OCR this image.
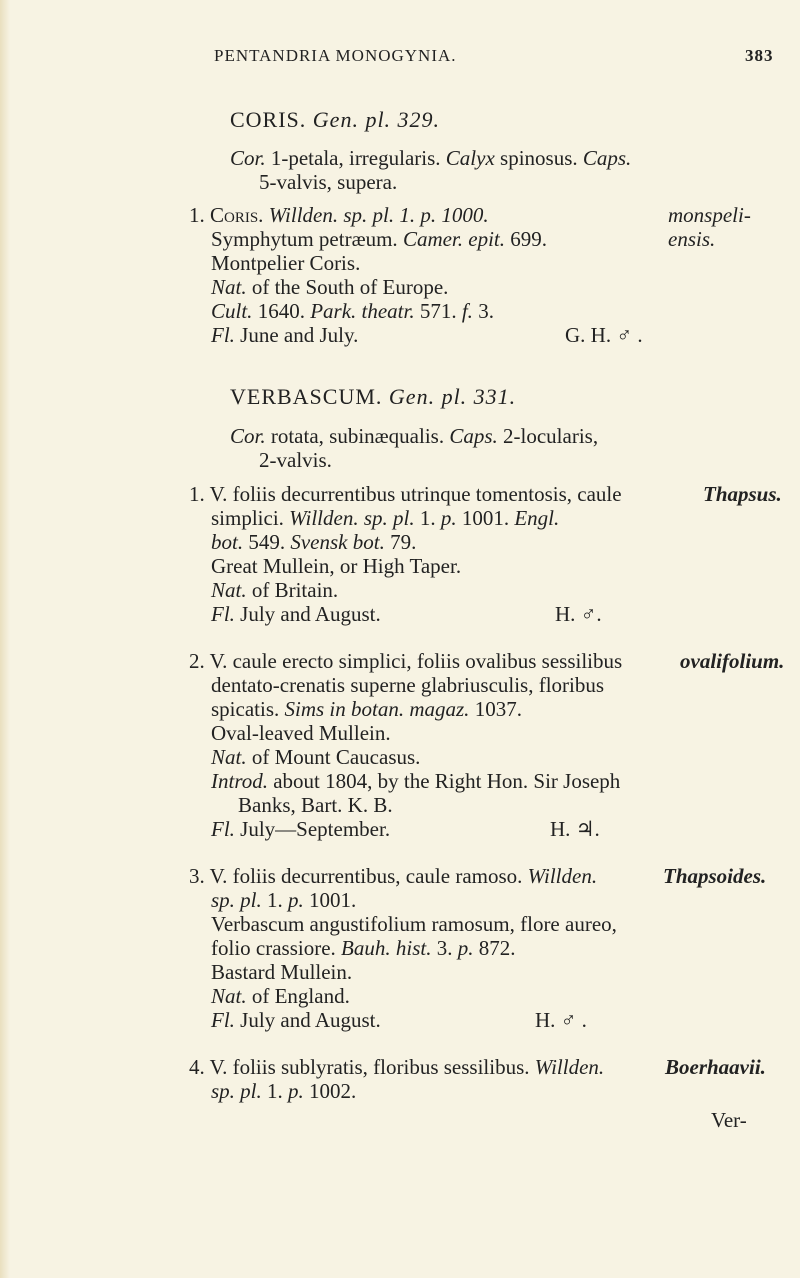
PENTANDRIA MONOGYNIA.	383
CORIS. Gen. pl. 329.
Cor. 1-petala, irregularis. Calyx spinosus. Caps.
5-valvis, supera.
1. Coris. Willden. sp. pl. 1. p. 1000.	monspeli-
Symphytum petræum. Camer. epit. 699.	ensis.
Montpelier Coris.
Nat. of the South of Europe.
Cult. 1640. Park. theatr. 571. f. 3.
Fl. June and July.	G. H. ♂ .
VERBASCUM. Gen. pl. 331.
Cor. rotata, subinæqualis. Caps. 2-locularis,
2-valvis.
1. V. foliis decurrentibus utrinque tomentosis, caule	Thapsus.
simplici. Willden. sp. pl. 1. p. 1001. Engl.
bot. 549. Svensk bot. 79.
Great Mullein, or High Taper.
Nat. of Britain.
Fl. July and August.	H. ♂.
2. V. caule erecto simplici, foliis ovalibus sessilibus	ovalifolium.
dentato-crenatis superne glabriusculis, floribus
spicatis. Sims in botan. magaz. 1037.
Oval-leaved Mullein.
Nat. of Mount Caucasus.
Introd. about 1804, by the Right Hon. Sir Joseph
Banks, Bart. K. B.
Fl. July—September.	H. ♃.
3. V. foliis decurrentibus, caule ramoso. Willden.	Thapsoides.
sp. pl. 1. p. 1001.
Verbascum angustifolium ramosum, flore aureo,
folio crassiore. Bauh. hist. 3. p. 872.
Bastard Mullein.
Nat. of England.
Fl. July and August.	H. ♂ .
4. V. foliis sublyratis, floribus sessilibus. Willden.	Boerhaavii.
sp. pl. 1. p. 1002.
Ver-
